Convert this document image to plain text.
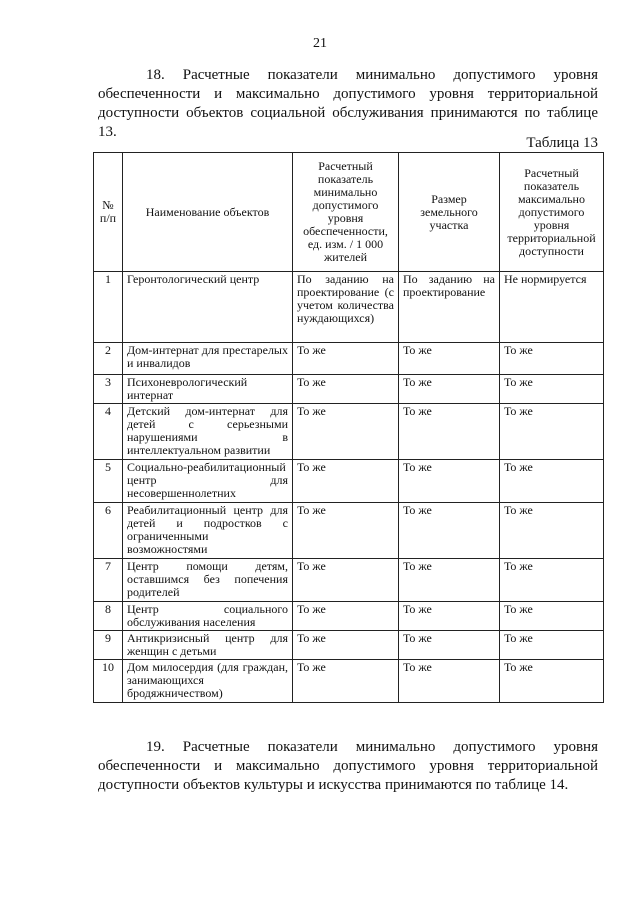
21

18. Расчетные показатели минимально допустимого уровня обеспеченности и максимально допустимого уровня территориальной доступности объектов социальной обслуживания принимаются по таблице 13.

Таблица 13
№ п/п	Наименование объектов	Расчетный показатель минимально допустимого уровня обеспеченности, ед. изм. / 1 000 жителей	Размер земельного участка	Расчетный показатель максимально допустимого уровня территориальной доступности
1	Геронтологический центр	По заданию на проектирование (с учетом количества нуждающихся)	По заданию на проектирование	Не нормируется
2	Дом-интернат для престарелых и инвалидов	То же	То же	То же
3	Психоневрологический интернат	То же	То же	То же
4	Детский дом-интернат для детей с серьезными нарушениями в интеллектуальном развитии	То же	То же	То же
5	Социально-реабилитационный центр для несовершеннолетних	То же	То же	То же
6	Реабилитационный центр для детей и подростков с ограниченными возможностями	То же	То же	То же
7	Центр помощи детям, оставшимся без попечения родителей	То же	То же	То же
8	Центр социального обслуживания населения	То же	То же	То же
9	Антикризисный центр для женщин с детьми	То же	То же	То же
10	Дом милосердия (для граждан, занимающихся бродяжничеством)	То же	То же	То же

19. Расчетные показатели минимально допустимого уровня обеспеченности и максимально допустимого уровня территориальной доступности объектов культуры и искусства принимаются по таблице 14.
